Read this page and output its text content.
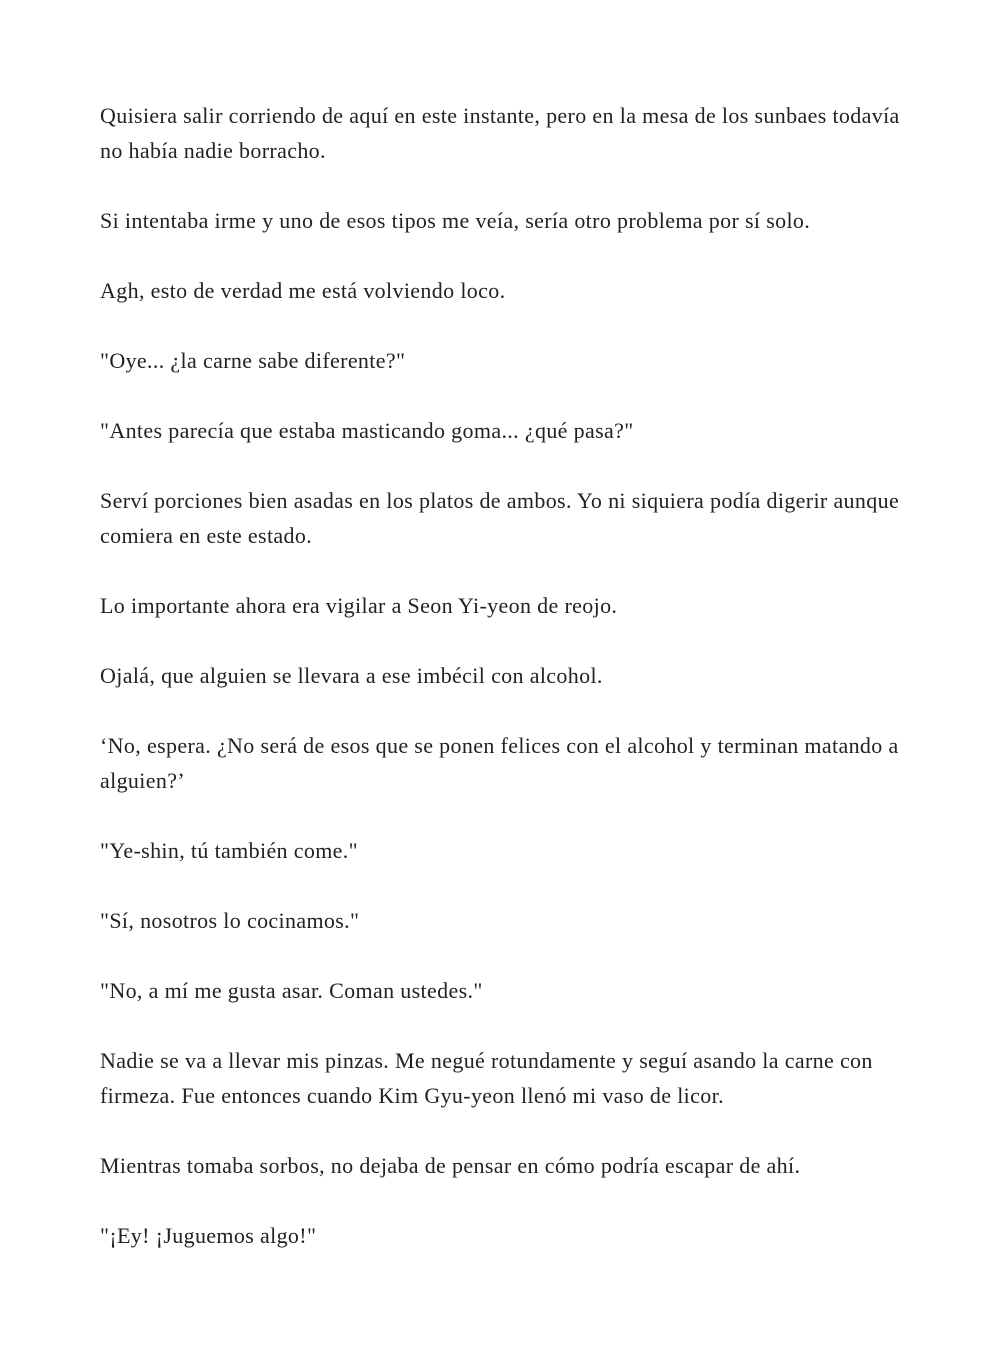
Quisiera salir corriendo de aquí en este instante, pero en la mesa de los sunbaes todavía no había nadie borracho.

Si intentaba irme y uno de esos tipos me veía, sería otro problema por sí solo.

Agh, esto de verdad me está volviendo loco.

"Oye... ¿la carne sabe diferente?"

"Antes parecía que estaba masticando goma... ¿qué pasa?"

Serví porciones bien asadas en los platos de ambos. Yo ni siquiera podía digerir aunque comiera en este estado.

Lo importante ahora era vigilar a Seon Yi-yeon de reojo.

Ojalá, que alguien se llevara a ese imbécil con alcohol.

‘No, espera. ¿No será de esos que se ponen felices con el alcohol y terminan matando a alguien?’

"Ye-shin, tú también come."

"Sí, nosotros lo cocinamos."

"No, a mí me gusta asar. Coman ustedes."

Nadie se va a llevar mis pinzas. Me negué rotundamente y seguí asando la carne con firmeza. Fue entonces cuando Kim Gyu-yeon llenó mi vaso de licor.

Mientras tomaba sorbos, no dejaba de pensar en cómo podría escapar de ahí.

"¡Ey! ¡Juguemos algo!"
